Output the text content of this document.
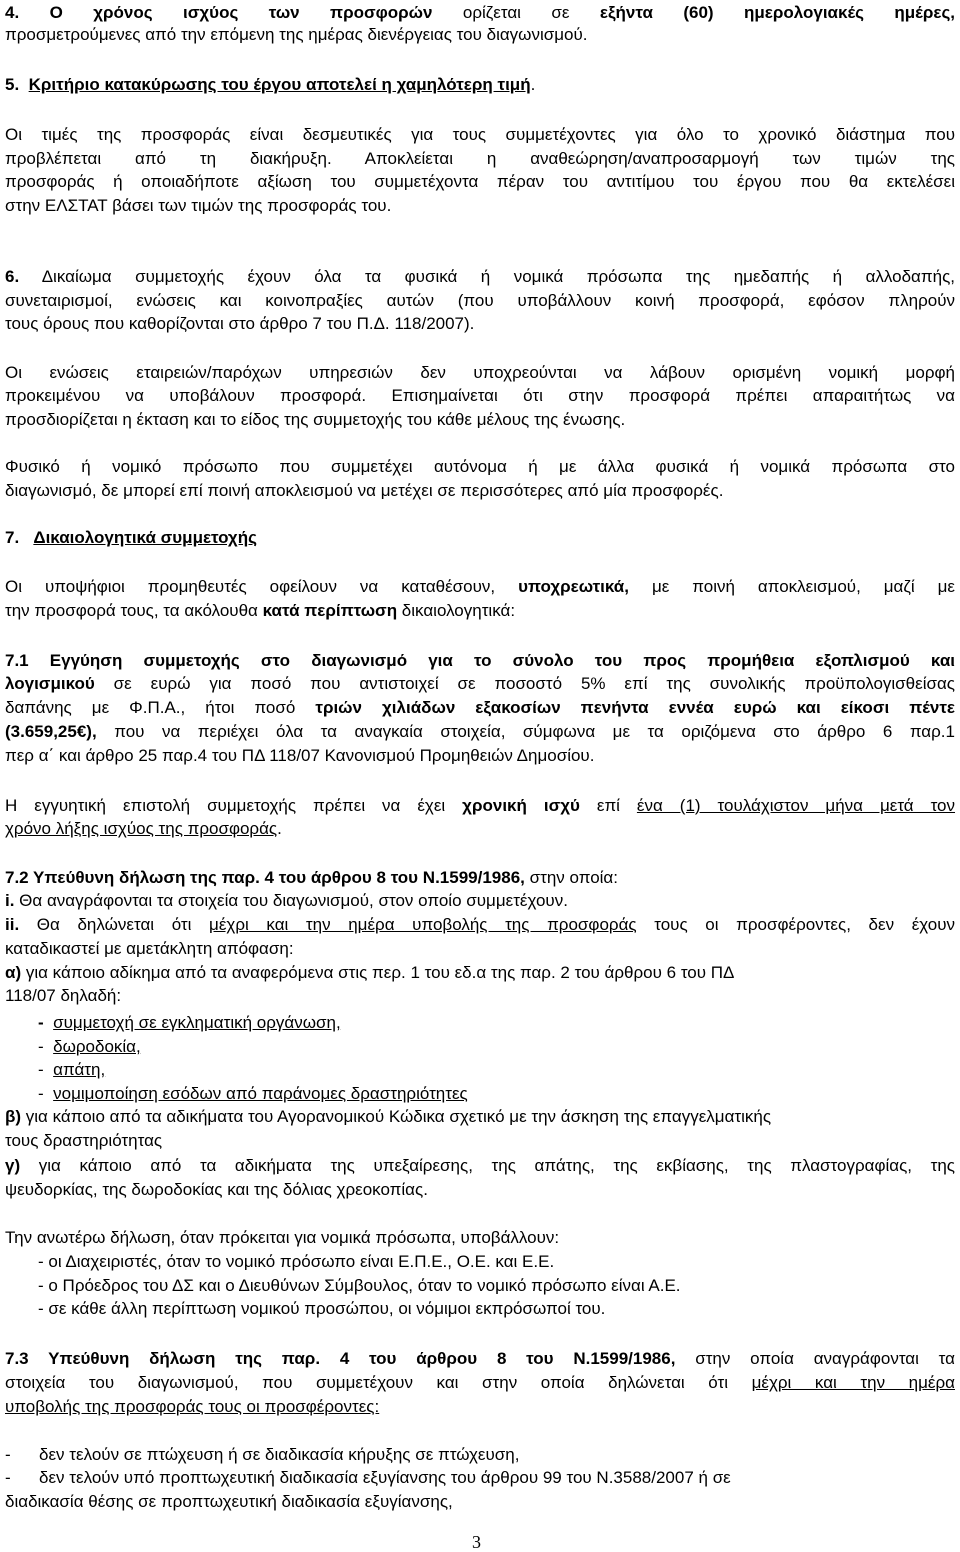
4. Ο χρόνος ισχύος των προσφορών ορίζεται σε εξήντα (60) ημερολογιακές ημέρες,
προσμετρούμενες από την επόμενη της ημέρας διενέργειας του διαγωνισμού.
5. Κριτήριο κατακύρωσης του έργου αποτελεί η χαμηλότερη τιμή.
Οι τιμές της προσφοράς είναι δεσμευτικές για τους συμμετέχοντες για όλο το χρονικό διάστημα που
προβλέπεται από τη διακήρυξη. Αποκλείεται η αναθεώρηση/αναπροσαρμογή των τιμών της
προσφοράς ή οποιαδήποτε αξίωση του συμμετέχοντα πέραν του αντιτίμου του έργου που θα εκτελέσει
στην ΕΛΣΤΑΤ βάσει των τιμών της προσφοράς του.
6. Δικαίωμα συμμετοχής έχουν όλα τα φυσικά ή νομικά πρόσωπα της ημεδαπής ή αλλοδαπής,
συνεταιρισμοί, ενώσεις και κοινοπραξίες αυτών (που υποβάλλουν κοινή προσφορά, εφόσον πληρούν
τους όρους που καθορίζονται στο άρθρο 7 του Π.Δ. 118/2007).
Οι ενώσεις εταιρειών/παρόχων υπηρεσιών δεν υποχρεούνται να λάβουν ορισμένη νομική μορφή
προκειμένου να υποβάλουν προσφορά. Επισημαίνεται ότι στην προσφορά πρέπει απαραιτήτως να
προσδιορίζεται η έκταση και το είδος της συμμετοχής του κάθε μέλους της ένωσης.
Φυσικό ή νομικό πρόσωπο που συμμετέχει αυτόνομα ή με άλλα φυσικά ή νομικά πρόσωπα στο
διαγωνισμό, δε μπορεί επί ποινή αποκλεισμού να μετέχει σε περισσότερες από μία προσφορές.
7. Δικαιολογητικά συμμετοχής
Οι υποψήφιοι προμηθευτές οφείλουν να καταθέσουν, υποχρεωτικά, με ποινή αποκλεισμού, μαζί με
την προσφορά τους, τα ακόλουθα κατά περίπτωση δικαιολογητικά:
7.1 Εγγύηση συμμετοχής στο διαγωνισμό για το σύνολο του προς προμήθεια εξοπλισμού και
λογισμικού σε ευρώ για ποσό που αντιστοιχεί σε ποσοστό 5% επί της συνολικής προϋπολογισθείσας
δαπάνης με Φ.Π.Α., ήτοι ποσό τριών χιλιάδων εξακοσίων πενήντα εννέα ευρώ και είκοσι πέντε
(3.659,25€), που να περιέχει όλα τα αναγκαία στοιχεία, σύμφωνα με τα οριζόμενα στο άρθρο 6 παρ.1
περ α΄ και άρθρο 25 παρ.4 του ΠΔ 118/07 Κανονισμού Προμηθειών Δημοσίου.
Η εγγυητική επιστολή συμμετοχής πρέπει να έχει χρονική ισχύ επί ένα (1) τουλάχιστον μήνα μετά τον
χρόνο λήξης ισχύος της προσφοράς.
7.2 Υπεύθυνη δήλωση της παρ. 4 του άρθρου 8 του Ν.1599/1986, στην οποία:
i. Θα αναγράφονται τα στοιχεία του διαγωνισμού, στον οποίο συμμετέχουν.
ii. Θα δηλώνεται ότι μέχρι και την ημέρα υποβολής της προσφοράς τους οι προσφέροντες, δεν έχουν
καταδικαστεί με αμετάκλητη απόφαση:
α) για κάποιο αδίκημα από τα αναφερόμενα στις περ. 1 του εδ.α της παρ. 2 του άρθρου 6 του ΠΔ
118/07 δηλαδή:
- συμμετοχή σε εγκληματική οργάνωση,
- δωροδοκία,
- απάτη,
- νομιμοποίηση εσόδων από παράνομες δραστηριότητες
β) για κάποιο από τα αδικήματα του Αγορανομικού Κώδικα σχετικό με την άσκηση της επαγγελματικής
τους δραστηριότητας
γ) για κάποιο από τα αδικήματα της υπεξαίρεσης, της απάτης, της εκβίασης, της πλαστογραφίας, της
ψευδορκίας, της δωροδοκίας και της δόλιας χρεοκοπίας.
Την ανωτέρω δήλωση, όταν πρόκειται για νομικά πρόσωπα, υποβάλλουν:
- οι Διαχειριστές, όταν το νομικό πρόσωπο είναι Ε.Π.Ε., Ο.Ε. και Ε.Ε.
- ο Πρόεδρος του ΔΣ και ο Διευθύνων Σύμβουλος, όταν το νομικό πρόσωπο είναι Α.Ε.
- σε κάθε άλλη περίπτωση νομικού προσώπου, οι νόμιμοι εκπρόσωποί του.
7.3 Υπεύθυνη δήλωση της παρ. 4 του άρθρου 8 του Ν.1599/1986, στην οποία αναγράφονται τα
στοιχεία του διαγωνισμού, που συμμετέχουν και στην οποία δηλώνεται ότι μέχρι και την ημέρα
υποβολής της προσφοράς τους οι προσφέροντες:
- δεν τελούν σε πτώχευση ή σε διαδικασία κήρυξης σε πτώχευση,
- δεν τελούν υπό προπτωχευτική διαδικασία εξυγίανσης του άρθρου 99 του Ν.3588/2007 ή σε
διαδικασία θέσης σε προπτωχευτική διαδικασία εξυγίανσης,
3
